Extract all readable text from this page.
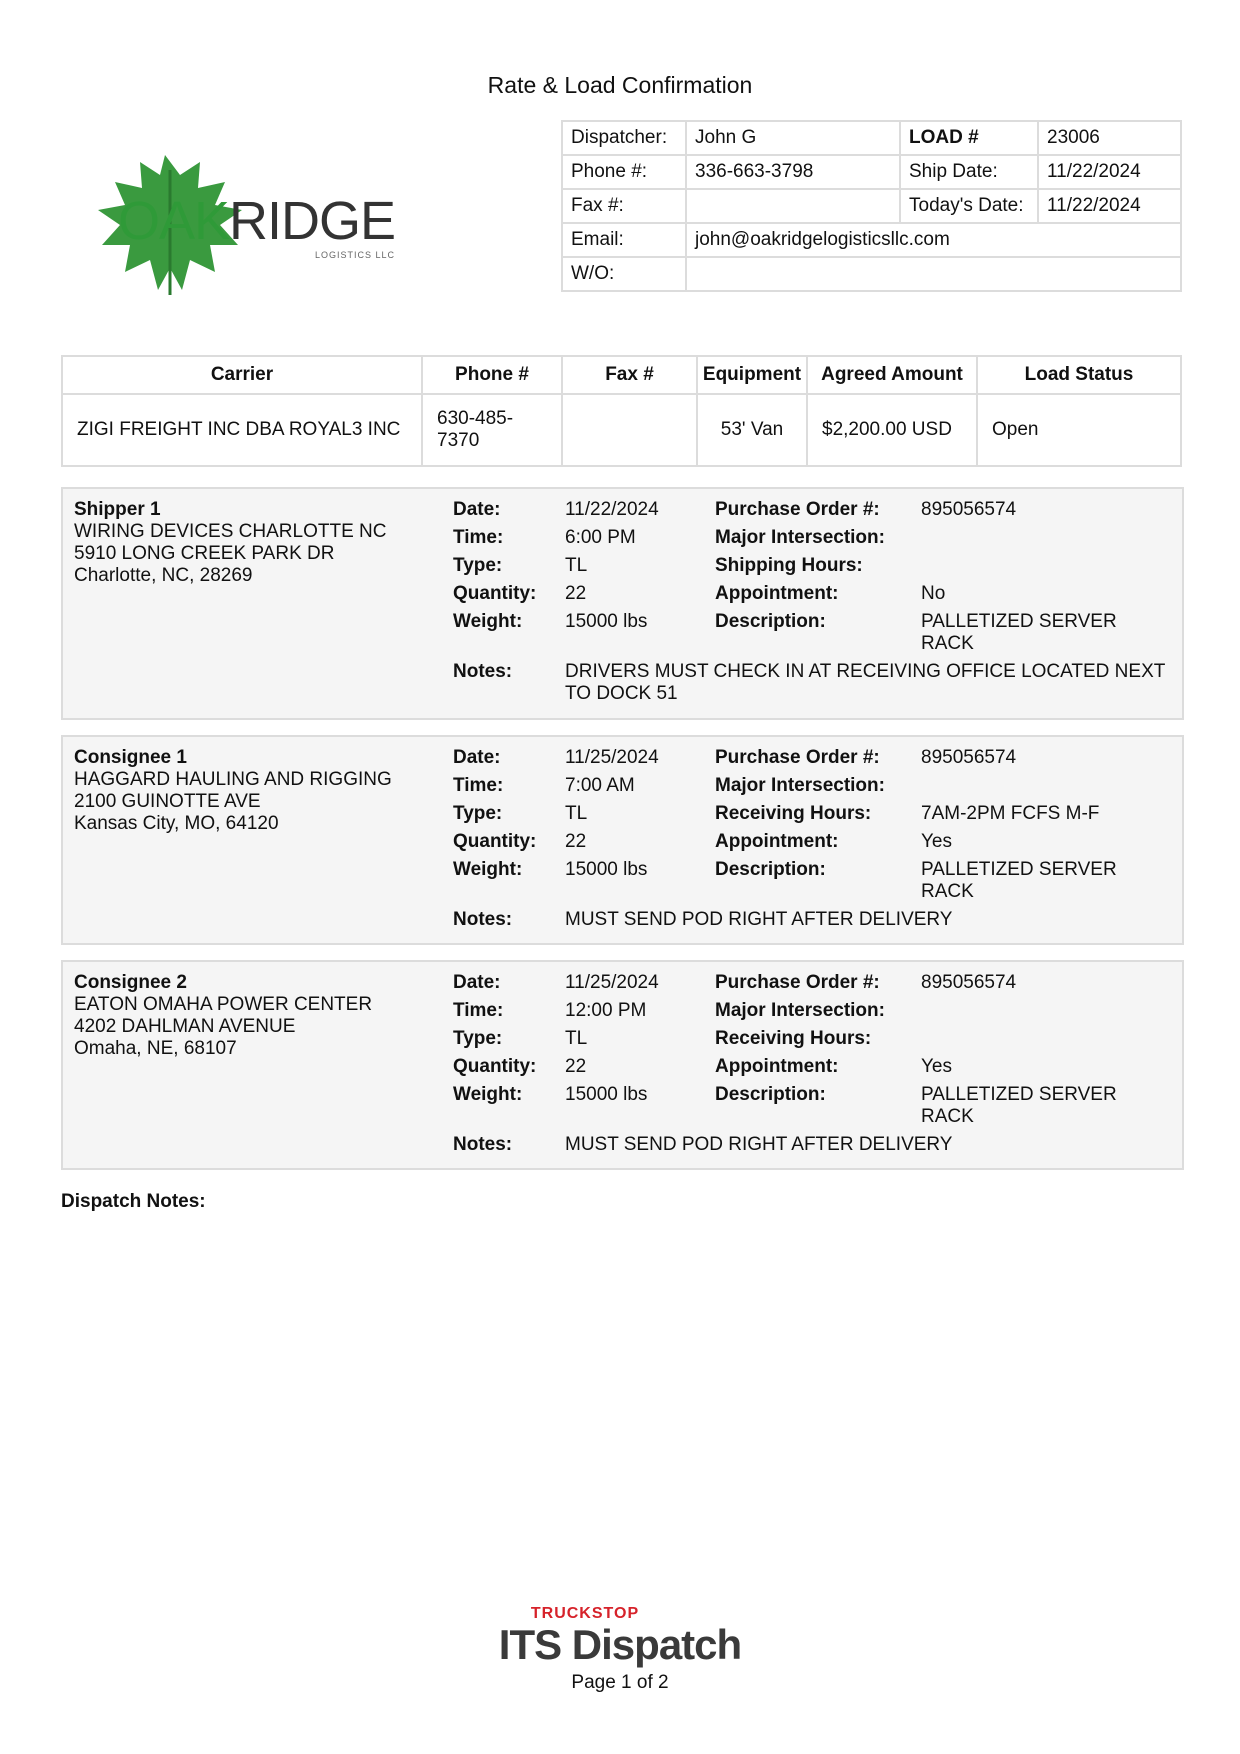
Rate & Load Confirmation
OAKRIDGE
LOGISTICS LLC
Dispatcher:	John G	LOAD #	23006
Phone #:	336-663-3798	Ship Date:	11/22/2024
Fax #:		Today's Date:	11/22/2024
Email:	john@oakridgelogisticsllc.com		
W/O:			
Carrier	Phone #	Fax #	Equipment	Agreed Amount	Load Status
ZIGI FREIGHT INC DBA ROYAL3 INC	630-485-7370		53' Van	$2,200.00 USD	Open
Shipper 1
WIRING DEVICES CHARLOTTE NC
5910 LONG CREEK PARK DR
Charlotte, NC, 28269
Date:	11/22/2024	Purchase Order #:	895056574
Time:	6:00 PM	Major Intersection:
Type:	TL	Shipping Hours:
Quantity:	22	Appointment:	No
Weight:	15000 lbs	Description:	PALLETIZED SERVER RACK
Notes:	DRIVERS MUST CHECK IN AT RECEIVING OFFICE LOCATED NEXT TO DOCK 51
Consignee 1
HAGGARD HAULING AND RIGGING
2100 GUINOTTE AVE
Kansas City, MO, 64120
Date:	11/25/2024	Purchase Order #:	895056574
Time:	7:00 AM	Major Intersection:
Type:	TL	Receiving Hours:	7AM-2PM FCFS M-F
Quantity:	22	Appointment:	Yes
Weight:	15000 lbs	Description:	PALLETIZED SERVER RACK
Notes:	MUST SEND POD RIGHT AFTER DELIVERY
Consignee 2
EATON OMAHA POWER CENTER
4202 DAHLMAN AVENUE
Omaha, NE, 68107
Date:	11/25/2024	Purchase Order #:	895056574
Time:	12:00 PM	Major Intersection:
Type:	TL	Receiving Hours:
Quantity:	22	Appointment:	Yes
Weight:	15000 lbs	Description:	PALLETIZED SERVER RACK
Notes:	MUST SEND POD RIGHT AFTER DELIVERY
Dispatch Notes:
TRUCKSTOP
ITS Dispatch
Page 1 of 2
